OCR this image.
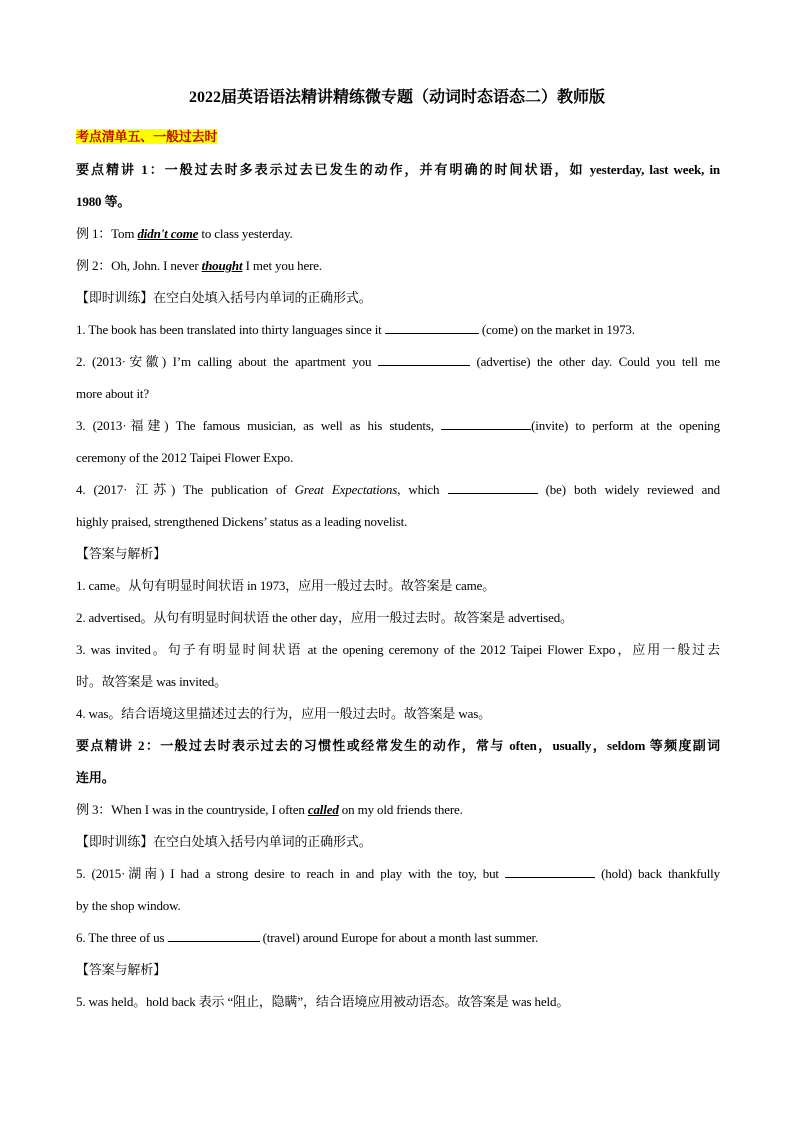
2022届英语语法精讲精练微专题（动词时态语态二）教师版
考点清单五、一般过去时
要点精讲 1：一般过去时多表示过去已发生的动作，并有明确的时间状语，如 yesterday, last week, in
1980 等。
例 1：Tom didn't come to class yesterday.
例 2：Oh, John. I never thought I met you here.
【即时训练】在空白处填入括号内单词的正确形式。
1. The book has been translated into thirty languages since it	(come) on the market in 1973.
2. (2013·安徽) I’m calling about the apartment you	(advertise) the other day. Could you tell me
more about it?
3. (2013·福建) The famous musician, as well as his students,	(invite) to perform at the opening
ceremony of the 2012 Taipei Flower Expo.
4. (2017· 江苏) The publication of Great Expectations, which	(be) both widely reviewed and
highly praised, strengthened Dickens’ status as a leading novelist.
【答案与解析】
1. came。从句有明显时间状语 in 1973，应用一般过去时。故答案是 came。
2. advertised。从句有明显时间状语 the other day，应用一般过去时。故答案是 advertised。
3. was invited。句子有明显时间状语 at the opening ceremony of the 2012 Taipei Flower Expo，应用一般过去
时。故答案是 was invited。
4. was。结合语境这里描述过去的行为，应用一般过去时。故答案是 was。
要点精讲 2：一般过去时表示过去的习惯性或经常发生的动作，常与 often，usually，seldom 等频度副词
连用。
例 3：When I was in the countryside, I often called on my old friends there.
【即时训练】在空白处填入括号内单词的正确形式。
5. (2015·湖南) I had a strong desire to reach in and play with the toy, but	(hold) back thankfully
by the shop window.
6. The three of us	(travel) around Europe for about a month last summer.
【答案与解析】
5. was held。hold back 表示 “阻止，隐瞒”，结合语境应用被动语态。故答案是 was held。
